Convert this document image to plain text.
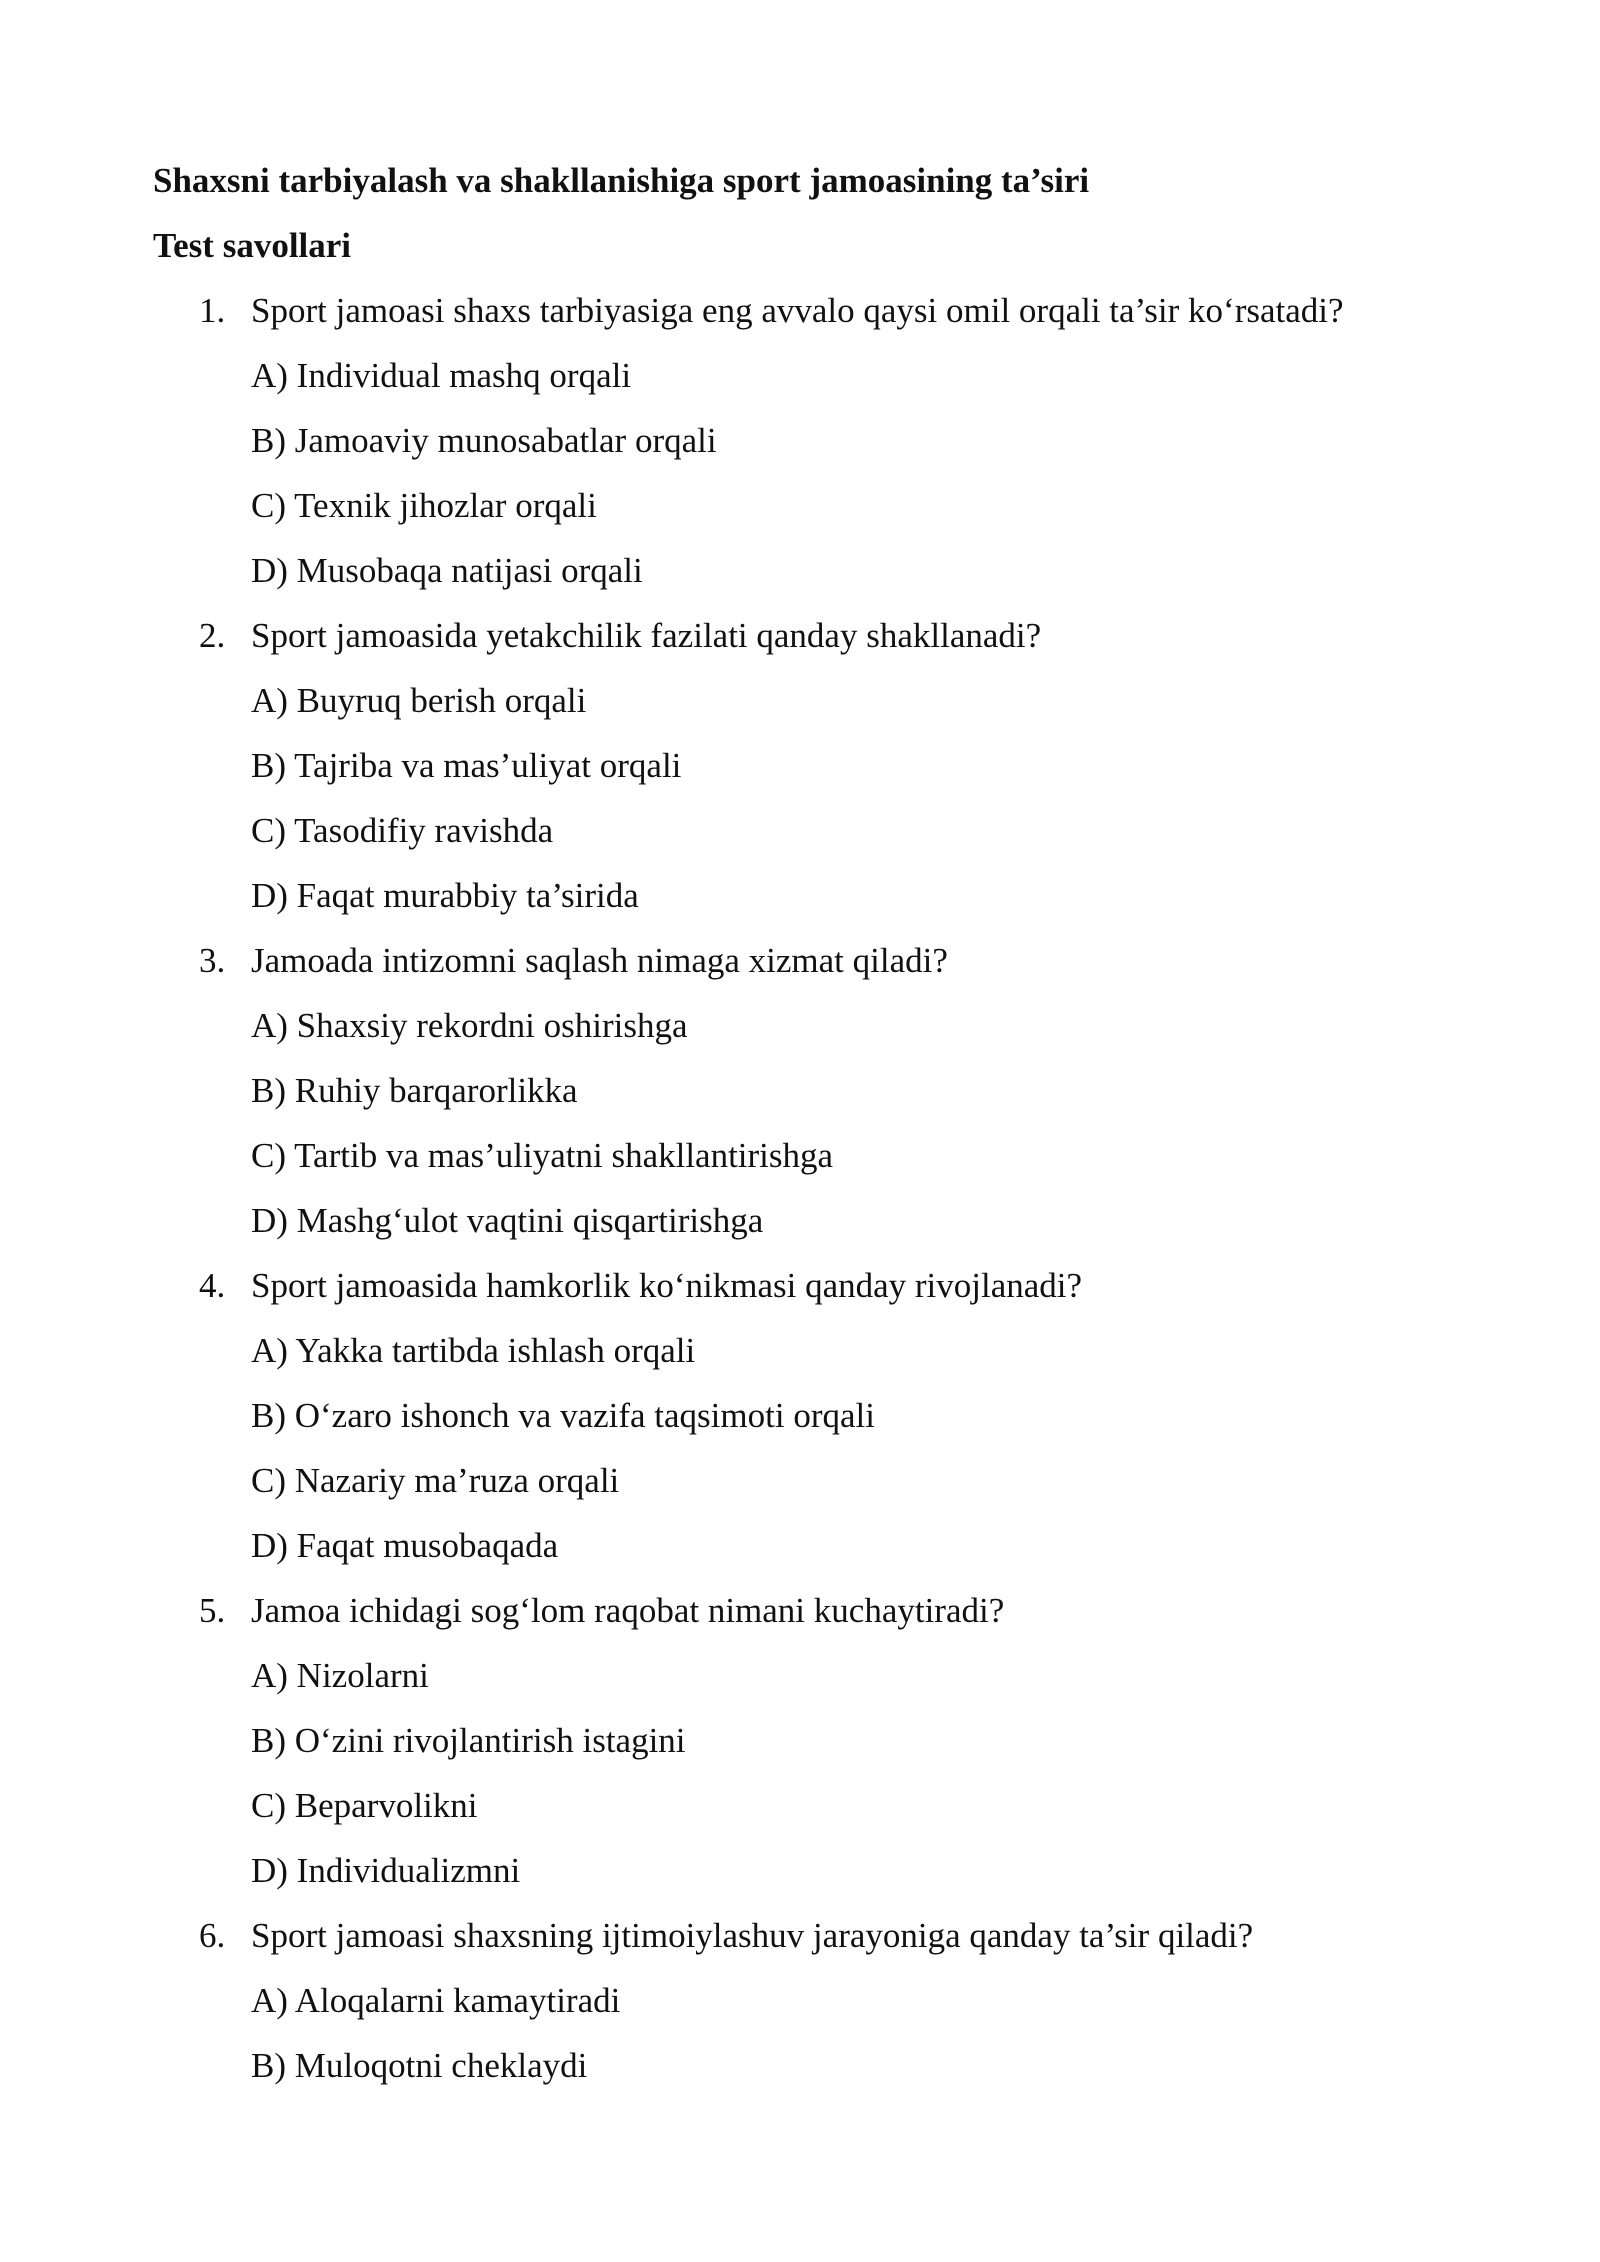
Shaxsni tarbiyalash va shakllanishiga sport jamoasining ta’siri
Test savollari
1. Sport jamoasi shaxs tarbiyasiga eng avvalo qaysi omil orqali ta’sir ko‘rsatadi?
A) Individual mashq orqali
B) Jamoaviy munosabatlar orqali
C) Texnik jihozlar orqali
D) Musobaqa natijasi orqali
2. Sport jamoasida yetakchilik fazilati qanday shakllanadi?
A) Buyruq berish orqali
B) Tajriba va mas’uliyat orqali
C) Tasodifiy ravishda
D) Faqat murabbiy ta’sirida
3. Jamoada intizomni saqlash nimaga xizmat qiladi?
A) Shaxsiy rekordni oshirishga
B) Ruhiy barqarorlikka
C) Tartib va mas’uliyatni shakllantirishga
D) Mashg‘ulot vaqtini qisqartirishga
4. Sport jamoasida hamkorlik ko‘nikmasi qanday rivojlanadi?
A) Yakka tartibda ishlash orqali
B) O‘zaro ishonch va vazifa taqsimoti orqali
C) Nazariy ma’ruza orqali
D) Faqat musobaqada
5. Jamoa ichidagi sog‘lom raqobat nimani kuchaytiradi?
A) Nizolarni
B) O‘zini rivojlantirish istagini
C) Beparvolikni
D) Individualizmni
6. Sport jamoasi shaxsning ijtimoiylashuv jarayoniga qanday ta’sir qiladi?
A) Aloqalarni kamaytiradi
B) Muloqotni cheklaydi
